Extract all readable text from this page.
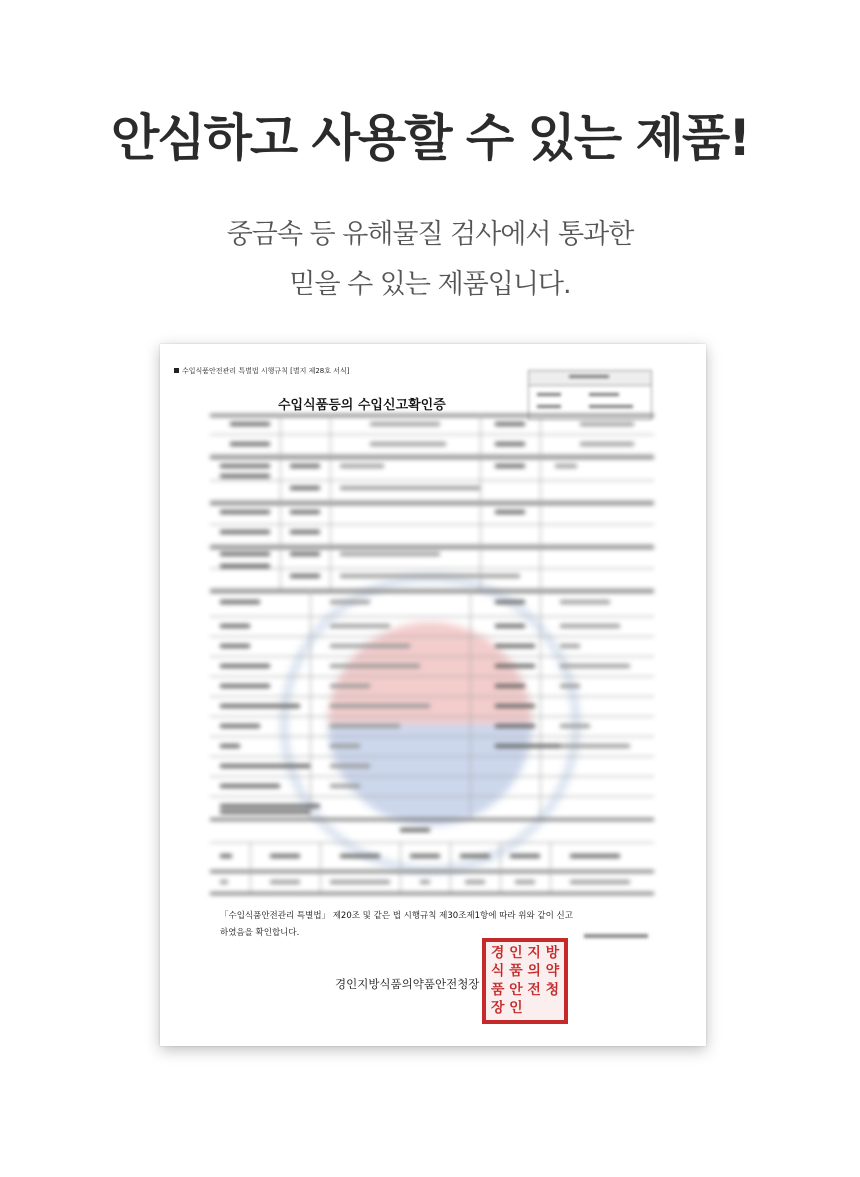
안심하고 사용할 수 있는 제품!
중금속 등 유해물질 검사에서 통과한
믿을 수 있는 제품입니다.
수입식품안전관리 특별법 시행규칙 [별지 제28호 서식]
수입식품등의 수입신고확인증
「수입식품안전관리 특별법」 제20조 및 같은 법 시행규칙 제30조제1항에 따라 위와 같이 신고
하였음을 확인합니다.
경인지방식품의약품안전청장
경 인 지 방
식 품 의 약
품 안 전 청
장 인
